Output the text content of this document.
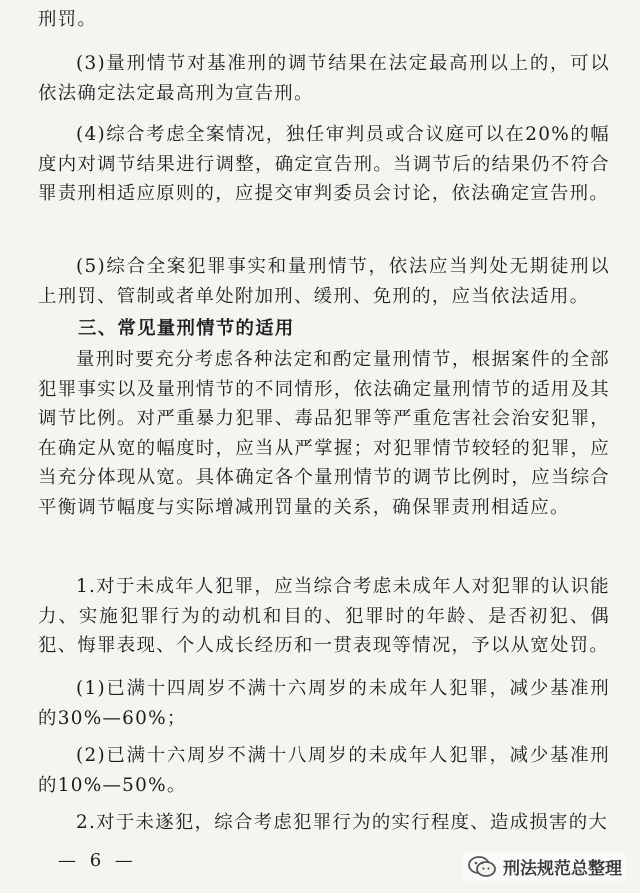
刑罚。

(3)量刑情节对基准刑的调节结果在法定最高刑以上的，可以依法确定法定最高刑为宣告刑。

(4)综合考虑全案情况，独任审判员或合议庭可以在20%的幅度内对调节结果进行调整，确定宣告刑。当调节后的结果仍不符合罪责刑相适应原则的，应提交审判委员会讨论，依法确定宣告刑。

(5)综合全案犯罪事实和量刑情节，依法应当判处无期徒刑以上刑罚、管制或者单处附加刑、缓刑、免刑的，应当依法适用。

三、常见量刑情节的适用

量刑时要充分考虑各种法定和酌定量刑情节，根据案件的全部犯罪事实以及量刑情节的不同情形，依法确定量刑情节的适用及其调节比例。对严重暴力犯罪、毒品犯罪等严重危害社会治安犯罪，在确定从宽的幅度时，应当从严掌握；对犯罪情节较轻的犯罪，应当充分体现从宽。具体确定各个量刑情节的调节比例时，应当综合平衡调节幅度与实际增减刑罚量的关系，确保罪责刑相适应。

1.对于未成年人犯罪，应当综合考虑未成年人对犯罪的认识能力、实施犯罪行为的动机和目的、犯罪时的年龄、是否初犯、偶犯、悔罪表现、个人成长经历和一贯表现等情况，予以从宽处罚。

(1)已满十四周岁不满十六周岁的未成年人犯罪，减少基准刑的30%—60%；

(2)已满十六周岁不满十八周岁的未成年人犯罪，减少基准刑的10%—50%。

2.对于未遂犯，综合考虑犯罪行为的实行程度、造成损害的大

— 6 —	刑法规范总整理
